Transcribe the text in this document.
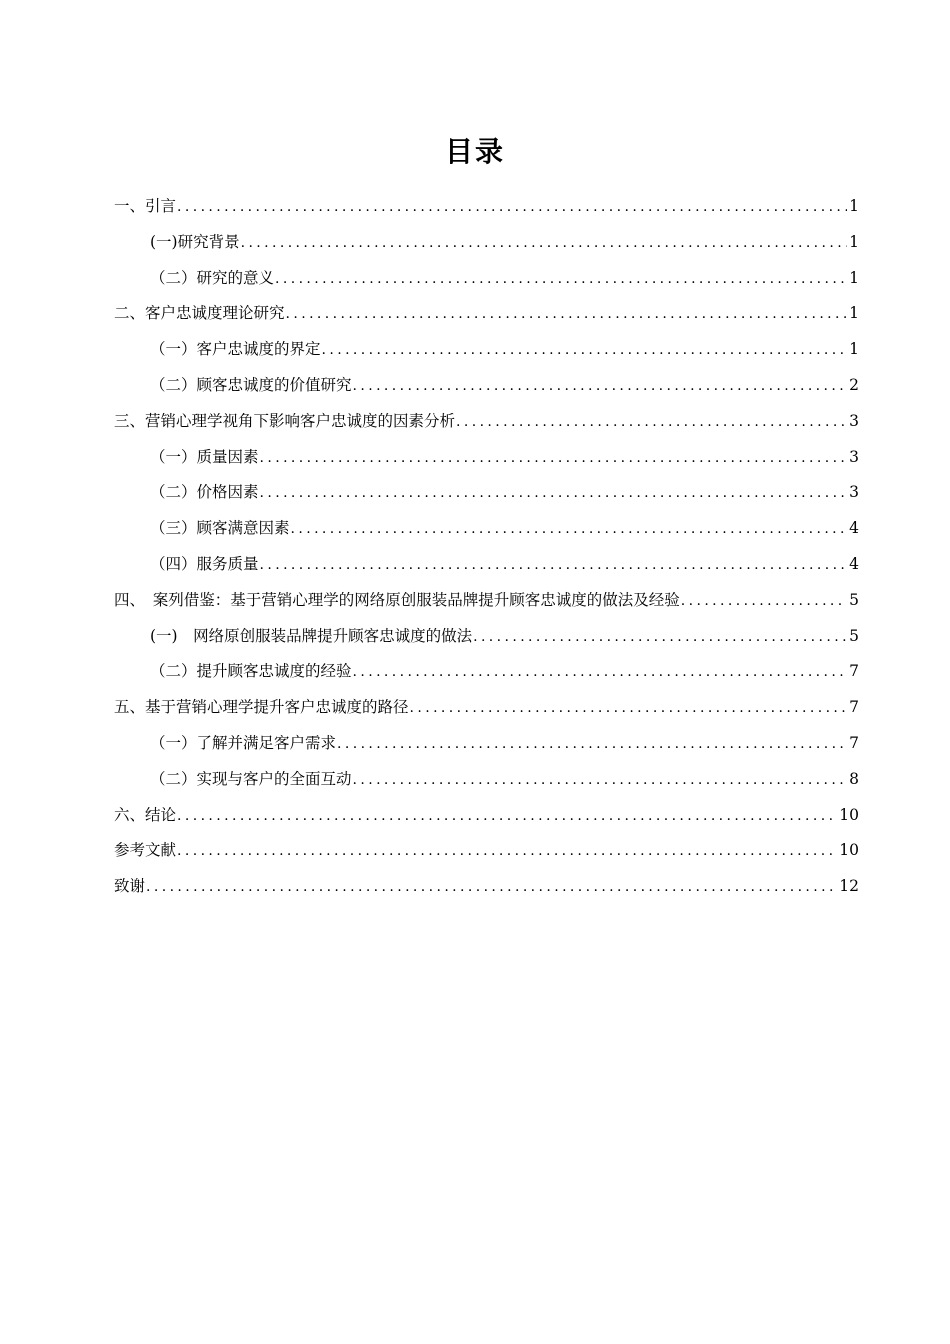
目录
一、引言 .....	1
(一)研究背景 .....	1
（二）研究的意义 .....	1
二、客户忠诚度理论研究 .....	1
（一）客户忠诚度的界定 .....	1
（二）顾客忠诚度的价值研究 .....	2
三、营销心理学视角下影响客户忠诚度的因素分析 .....	3
（一）质量因素 .....	3
（二）价格因素 .....	3
（三）顾客满意因素 .....	4
（四）服务质量 .....	4
四、　案列借鉴：基于营销心理学的网络原创服装品牌提升顾客忠诚度的做法及经验 .....	5
(一)　网络原创服装品牌提升顾客忠诚度的做法 .....	5
（二）提升顾客忠诚度的经验 .....	7
五、基于营销心理学提升客户忠诚度的路径 .....	7
（一）了解并满足客户需求 .....	7
（二）实现与客户的全面互动 .....	8
六、结论 .....	10
参考文献 .....	10
致谢 .....	12
